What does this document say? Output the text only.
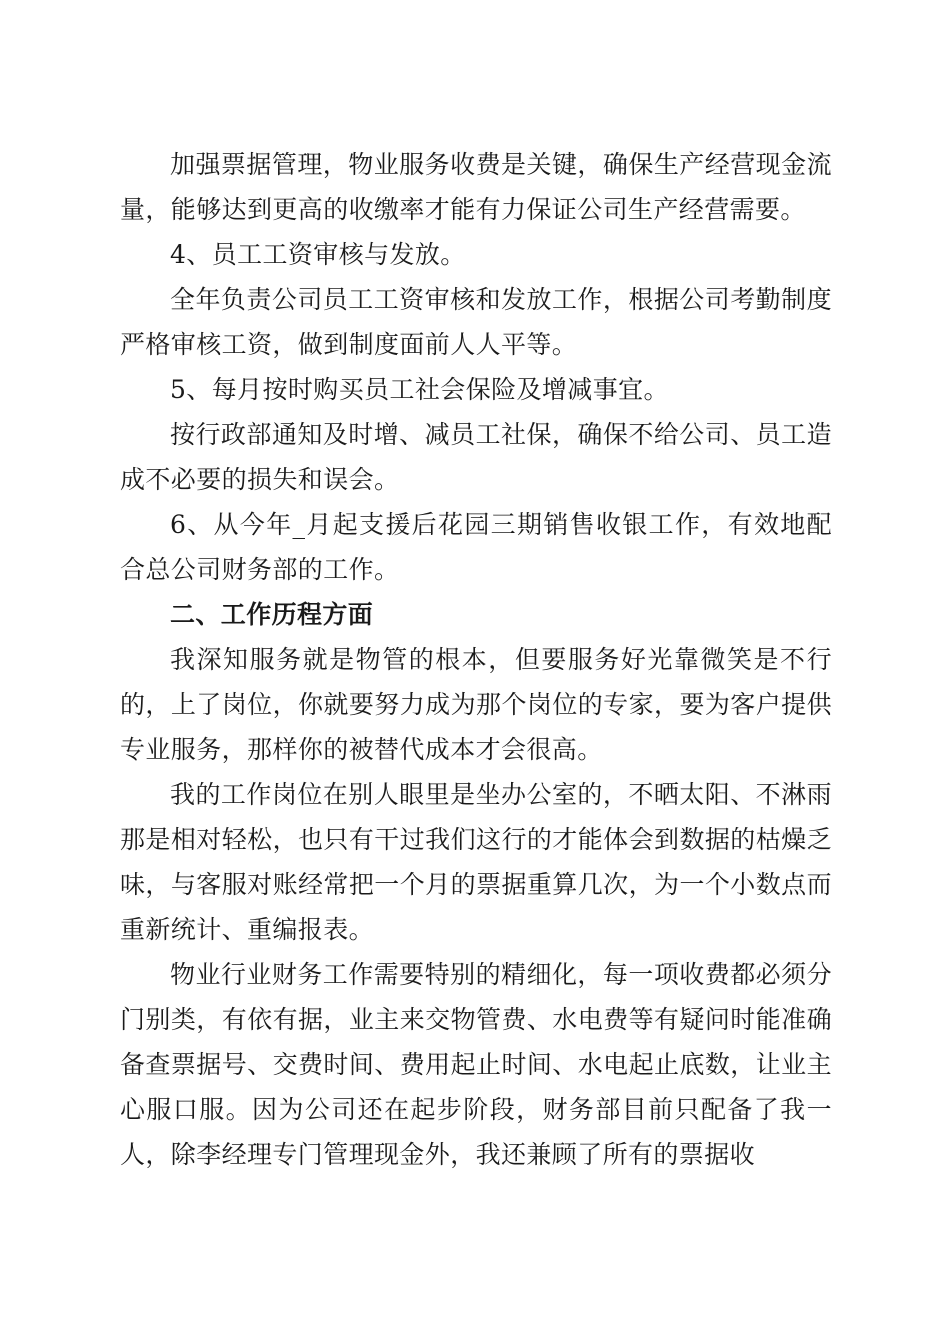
加强票据管理，物业服务收费是关键，确保生产经营现金流量，能够达到更高的收缴率才能有力保证公司生产经营需要。

4、员工工资审核与发放。

全年负责公司员工工资审核和发放工作，根据公司考勤制度严格审核工资，做到制度面前人人平等。

5、每月按时购买员工社会保险及增减事宜。

按行政部通知及时增、减员工社保，确保不给公司、员工造成不必要的损失和误会。

6、从今年_月起支援后花园三期销售收银工作，有效地配合总公司财务部的工作。

二、工作历程方面

我深知服务就是物管的根本，但要服务好光靠微笑是不行的，上了岗位，你就要努力成为那个岗位的专家，要为客户提供专业服务，那样你的被替代成本才会很高。

我的工作岗位在别人眼里是坐办公室的，不晒太阳、不淋雨那是相对轻松，也只有干过我们这行的才能体会到数据的枯燥乏味，与客服对账经常把一个月的票据重算几次，为一个小数点而重新统计、重编报表。

物业行业财务工作需要特别的精细化，每一项收费都必须分门别类，有依有据，业主来交物管费、水电费等有疑问时能准确备查票据号、交费时间、费用起止时间、水电起止底数，让业主心服口服。因为公司还在起步阶段，财务部目前只配备了我一人，除李经理专门管理现金外，我还兼顾了所有的票据收
